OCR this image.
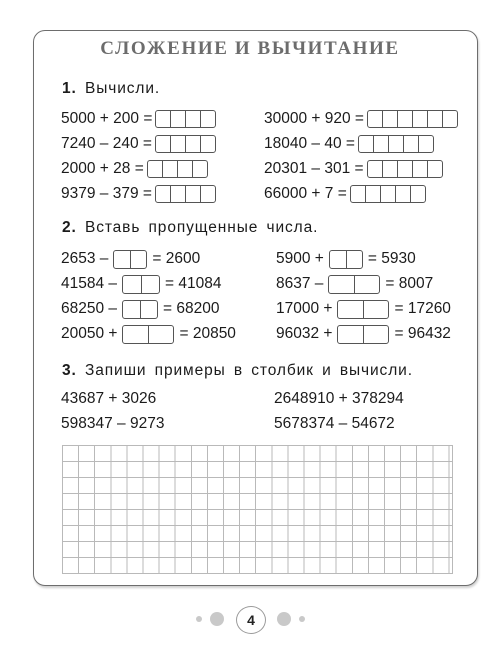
СЛОЖЕНИЕ И ВЫЧИТАНИЕ
1. Вычисли.
5000 + 200 =
7240 – 240 =
2000 + 28 =
9379 – 379 =
30000 + 920 =
18040 – 40 =
20301 – 301 =
66000 + 7 =
2. Вставь пропущенные числа.
2653 –	= 2600
41584 –	= 41084
68250 –	= 68200
20050 +	= 20850
5900 +	= 5930
8637 –	= 8007
17000 +	= 17260
96032 +	= 96432
3. Запиши примеры в столбик и вычисли.
43687 + 3026	2648910 + 378294
598347 – 9273	5678374 – 54672
4
